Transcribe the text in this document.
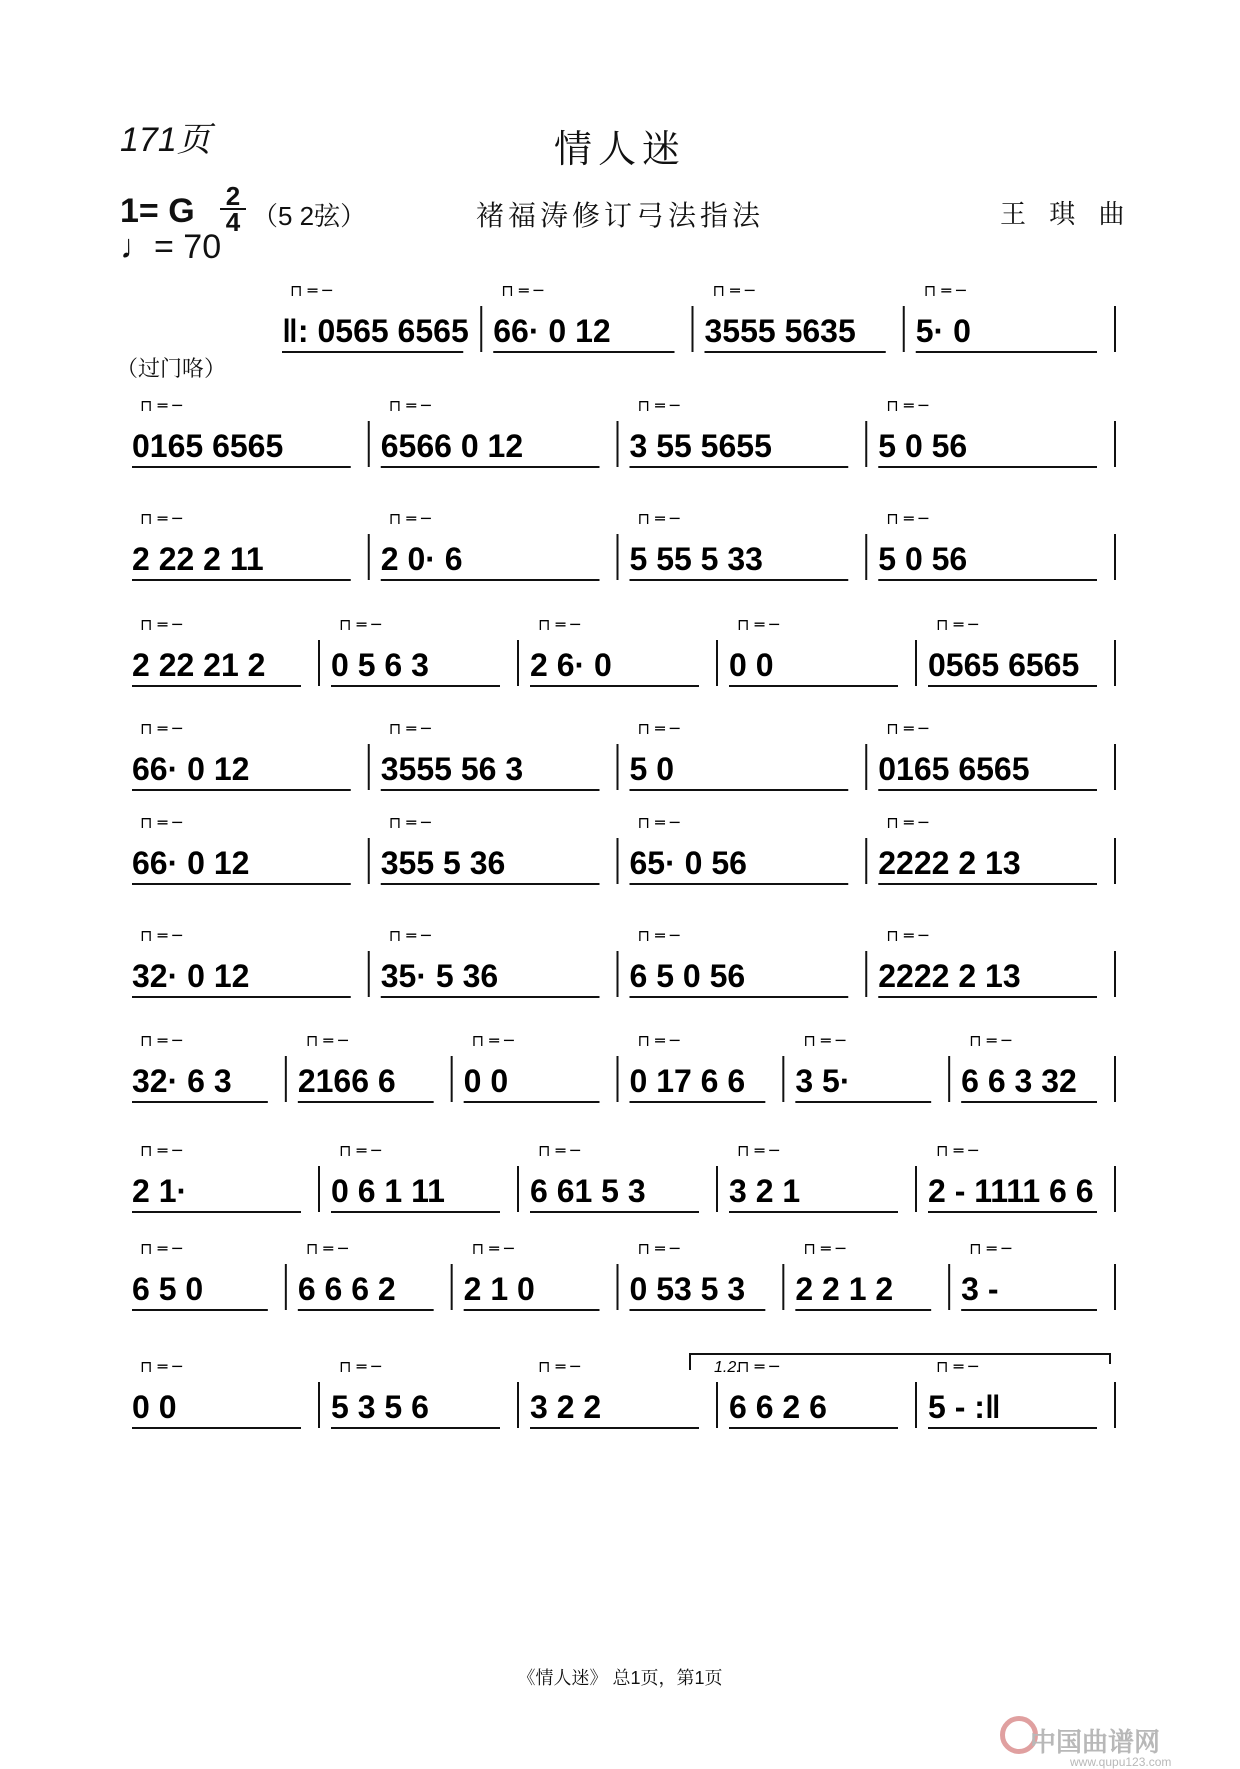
171页	情人迷
1= G 2
4 （5 2弦）
♩= 70
褚福涛修订弓法指法	王 琪 曲
（过门咯）
‖: 0565 6565
⊓ ═ ─
66· 0 12
⊓ ═ ─
3555 5635
⊓ ═ ─
5· 0
⊓ ═ ─
0165 6565
⊓ ═ ─
6566 0 12
⊓ ═ ─
3 55 5655
⊓ ═ ─
5 0 56
⊓ ═ ─
2 22 2 11
⊓ ═ ─
2 0· 6
⊓ ═ ─
5 55 5 33
⊓ ═ ─
5 0 56
⊓ ═ ─
2 22 21 2
⊓ ═ ─
0 5 6 3
⊓ ═ ─
2 6· 0
⊓ ═ ─
0 0
⊓ ═ ─
0565 6565
⊓ ═ ─
66· 0 12
⊓ ═ ─
3555 56 3
⊓ ═ ─
5 0
⊓ ═ ─
0165 6565
⊓ ═ ─
66· 0 12
⊓ ═ ─
355 5 36
⊓ ═ ─
65· 0 56
⊓ ═ ─
2222 2 13
⊓ ═ ─
32· 0 12
⊓ ═ ─
35· 5 36
⊓ ═ ─
6 5 0 56
⊓ ═ ─
2222 2 13
⊓ ═ ─
32· 6 3
⊓ ═ ─
2166 6
⊓ ═ ─
0 0
⊓ ═ ─
0 17 6 6
⊓ ═ ─
3 5·
⊓ ═ ─
6 6 3 32
⊓ ═ ─
2 1·
⊓ ═ ─
0 6 1 11
⊓ ═ ─
6 61 5 3
⊓ ═ ─
3 2 1
⊓ ═ ─
2 - 1111 6 6
⊓ ═ ─
6 5 0
⊓ ═ ─
6 6 6 2
⊓ ═ ─
2 1 0
⊓ ═ ─
0 53 5 3
⊓ ═ ─
2 2 1 2
⊓ ═ ─
3 -
⊓ ═ ─
0 0
⊓ ═ ─
5 3 5 6
⊓ ═ ─
3 2 2
⊓ ═ ─
6 6 2 6
⊓ ═ ─
5 - :‖
⊓ ═ ─
1.2.
《情人迷》 总1页，第1页
中国曲谱网
www.qupu123.com
